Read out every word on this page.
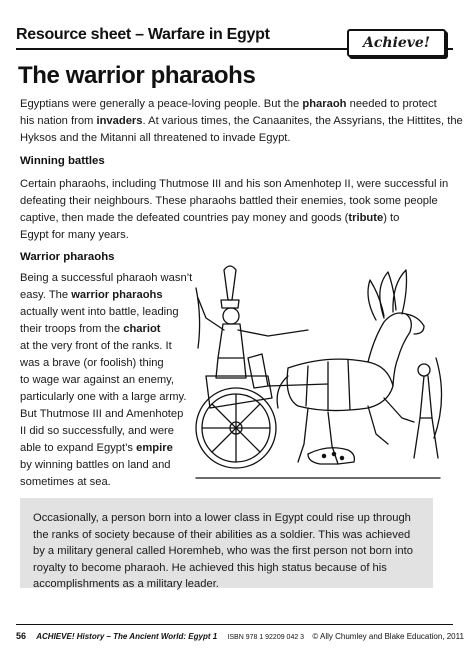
Resource sheet – Warfare in Egypt	Achieve!
The warrior pharaohs
Egyptians were generally a peace-loving people. But the pharaoh needed to protect
his nation from invaders. At various times, the Canaanites, the Assyrians, the Hittites, the
Hyksos and the Mitanni all threatened to invade Egypt.
Winning battles
Certain pharaohs, including Thutmose III and his son Amenhotep II, were successful in
defeating their neighbours. These pharaohs battled their enemies, took some people
captive, then made the defeated countries pay money and goods (tribute) to
Egypt for many years.
Warrior pharaohs
Being a successful pharaoh wasn’t
easy. The warrior pharaohs
actually went into battle, leading
their troops from the chariot
at the very front of the ranks. It
was a brave (or foolish) thing
to wage war against an enemy,
particularly one with a large army.
But Thutmose III and Amenhotep
II did so successfully, and were
able to expand Egypt’s empire
by winning battles on land and
sometimes at sea.

Occasionally, a person born into a lower class in Egypt could rise up through the ranks of society because of their abilities as a soldier. This was achieved by a military general called Horemheb, who was the first person not born into royalty to become pharaoh. He achieved this high status because of his accomplishments as a military leader.

56 ACHIEVE! History – The Ancient World: Egypt 1 ISBN 978 1 92209 042 3 © Ally Chumley and Blake Education, 2011
